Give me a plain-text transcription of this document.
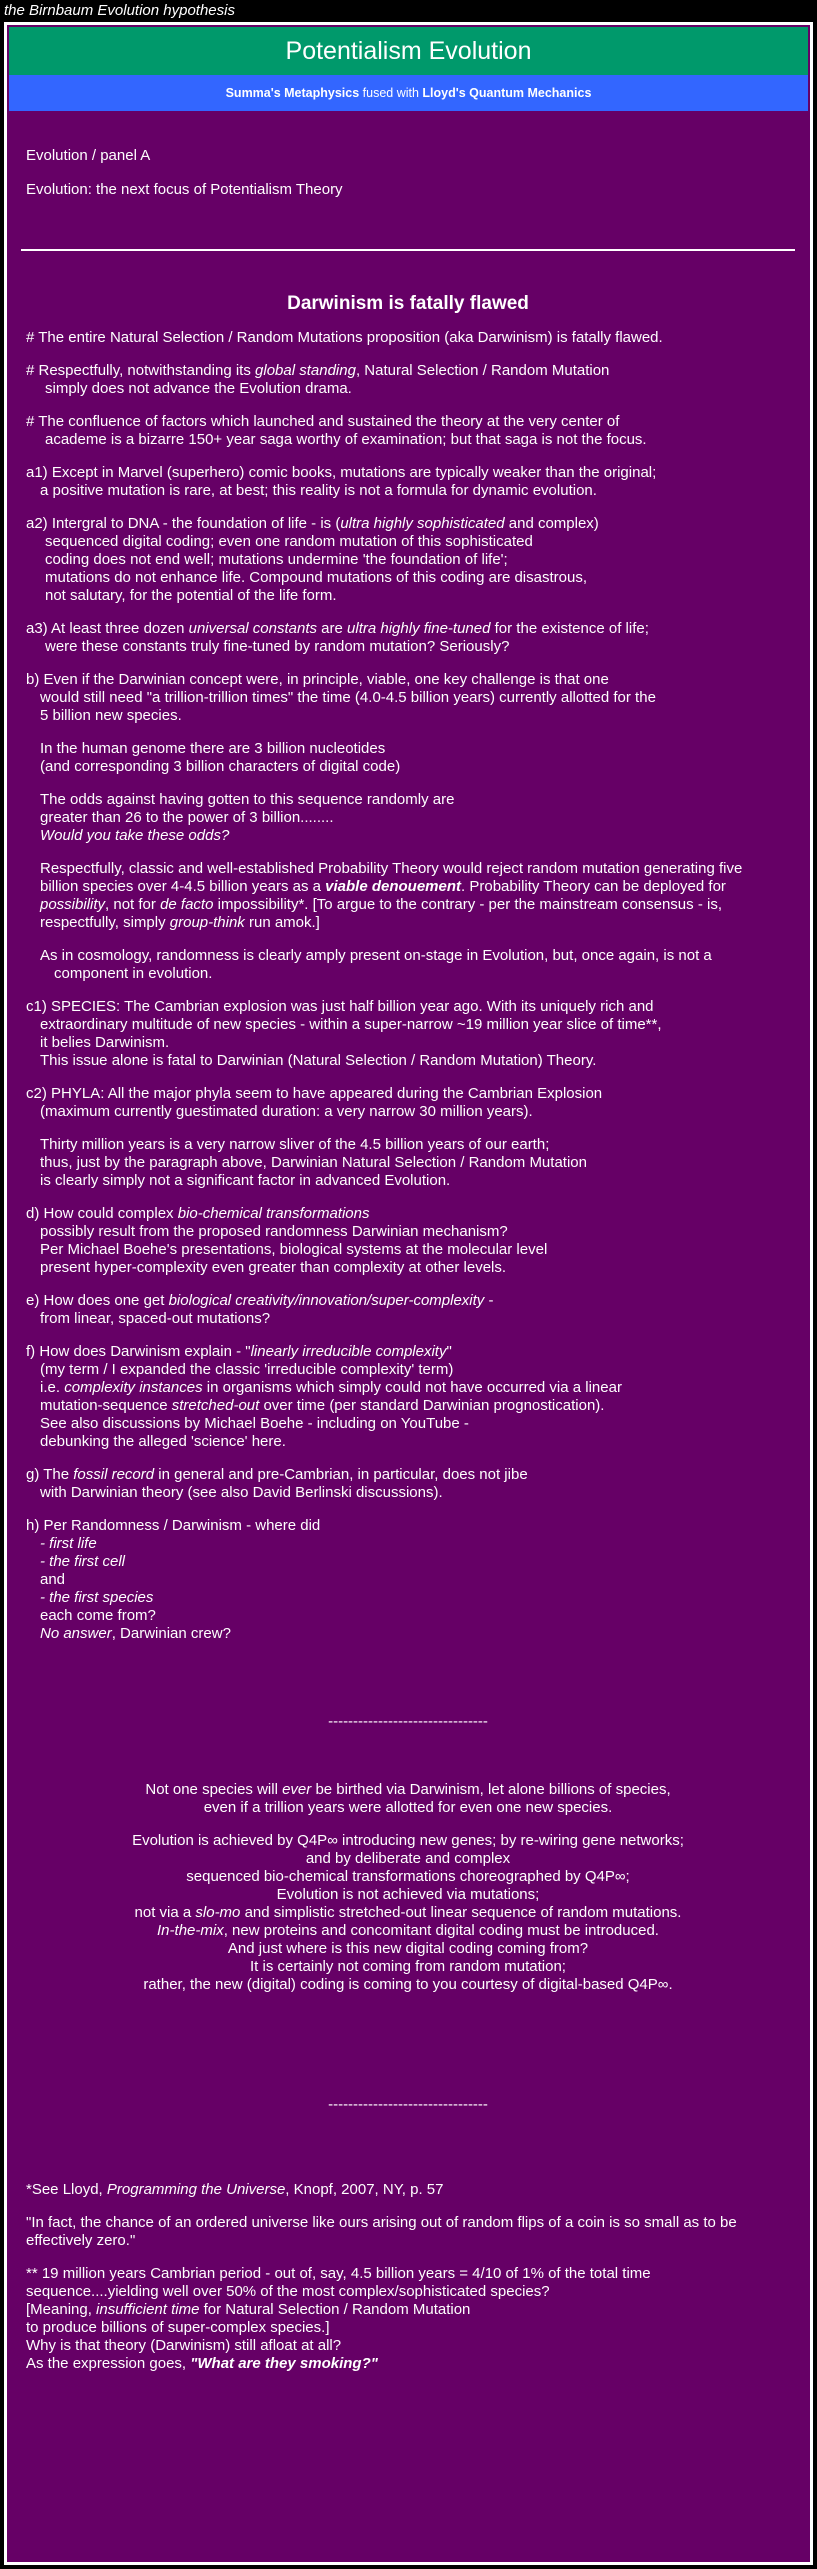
the Birnbaum Evolution hypothesis
Potentialism Evolution
Summa's Metaphysics fused with Lloyd's Quantum Mechanics

Evolution / panel A

Evolution: the next focus of Potentialism Theory

Darwinism is fatally flawed

# The entire Natural Selection / Random Mutations proposition (aka Darwinism) is fatally flawed.

# Respectfully, notwithstanding its global standing, Natural Selection / Random Mutation

simply does not advance the Evolution drama.

# The confluence of factors which launched and sustained the theory at the very center of

academe is a bizarre 150+ year saga worthy of examination; but that saga is not the focus.

a1) Except in Marvel (superhero) comic books, mutations are typically weaker than the original;

a positive mutation is rare, at best; this reality is not a formula for dynamic evolution.

a2) Intergral to DNA - the foundation of life - is (ultra highly sophisticated and complex)

sequenced digital coding; even one random mutation of this sophisticated

coding does not end well; mutations undermine 'the foundation of life';

mutations do not enhance life. Compound mutations of this coding are disastrous,

not salutary, for the potential of the life form.

a3) At least three dozen universal constants are ultra highly fine-tuned for the existence of life;

were these constants truly fine-tuned by random mutation? Seriously?

b) Even if the Darwinian concept were, in principle, viable, one key challenge is that one

would still need "a trillion-trillion times" the time (4.0-4.5 billion years) currently allotted for the

5 billion new species.

In the human genome there are 3 billion nucleotides

(and corresponding 3 billion characters of digital code)

The odds against having gotten to this sequence randomly are

greater than 26 to the power of 3 billion........

Would you take these odds?

Respectfully, classic and well-established Probability Theory would reject random mutation generating five

billion species over 4-4.5 billion years as a viable denouement. Probability Theory can be deployed for

possibility, not for de facto impossibility*. [To argue to the contrary - per the mainstream consensus - is,

respectfully, simply group-think run amok.]

As in cosmology, randomness is clearly amply present on-stage in Evolution, but, once again, is not a

component in evolution.

c1) SPECIES: The Cambrian explosion was just half billion year ago. With its uniquely rich and

extraordinary multitude of new species - within a super-narrow ~19 million year slice of time**,

it belies Darwinism.

This issue alone is fatal to Darwinian (Natural Selection / Random Mutation) Theory.

c2) PHYLA: All the major phyla seem to have appeared during the Cambrian Explosion

(maximum currently guestimated duration: a very narrow 30 million years).

Thirty million years is a very narrow sliver of the 4.5 billion years of our earth;

thus, just by the paragraph above, Darwinian Natural Selection / Random Mutation

is clearly simply not a significant factor in advanced Evolution.

d) How could complex bio-chemical transformations

possibly result from the proposed randomness Darwinian mechanism?

Per Michael Boehe's presentations, biological systems at the molecular level

present hyper-complexity even greater than complexity at other levels.

e) How does one get biological creativity/innovation/super-complexity -

from linear, spaced-out mutations?

f) How does Darwinism explain - "linearly irreducible complexity"

(my term / I expanded the classic 'irreducible complexity' term)

i.e. complexity instances in organisms which simply could not have occurred via a linear

mutation-sequence stretched-out over time (per standard Darwinian prognostication).

See also discussions by Michael Boehe - including on YouTube -

debunking the alleged 'science' here.

g) The fossil record in general and pre-Cambrian, in particular, does not jibe

with Darwinian theory (see also David Berlinski discussions).

h) Per Randomness / Darwinism - where did

- first life

- the first cell

and

- the first species

each come from?

No answer, Darwinian crew?

--------------------------------

Not one species will ever be birthed via Darwinism, let alone billions of species,

even if a trillion years were allotted for even one new species.

Evolution is achieved by Q4P∞ introducing new genes; by re-wiring gene networks;

and by deliberate and complex

sequenced bio-chemical transformations choreographed by Q4P∞;

Evolution is not achieved via mutations;

not via a slo-mo and simplistic stretched-out linear sequence of random mutations.

In-the-mix, new proteins and concomitant digital coding must be introduced.

And just where is this new digital coding coming from?

It is certainly not coming from random mutation;

rather, the new (digital) coding is coming to you courtesy of digital-based Q4P∞.

--------------------------------

*See Lloyd, Programming the Universe, Knopf, 2007, NY, p. 57

"In fact, the chance of an ordered universe like ours arising out of random flips of a coin is so small as to be

effectively zero."

** 19 million years Cambrian period - out of, say, 4.5 billion years = 4/10 of 1% of the total time

sequence....yielding well over 50% of the most complex/sophisticated species?

[Meaning, insufficient time for Natural Selection / Random Mutation

to produce billions of super-complex species.]

Why is that theory (Darwinism) still afloat at all?

As the expression goes, "What are they smoking?"
